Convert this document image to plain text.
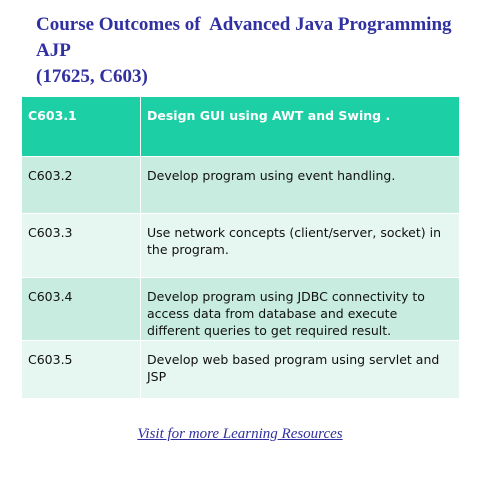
Course Outcomes of  Advanced Java Programming AJP
(17625, C603)
C603.1	Design GUI using AWT and Swing .
C603.2	Develop program using event handling.
C603.3	Use network concepts (client/server, socket) in the program.
C603.4	Develop program using JDBC connectivity to access data from database and execute different queries to get required result.
C603.5	Develop web based program using servlet and JSP
Visit for more Learning Resources
